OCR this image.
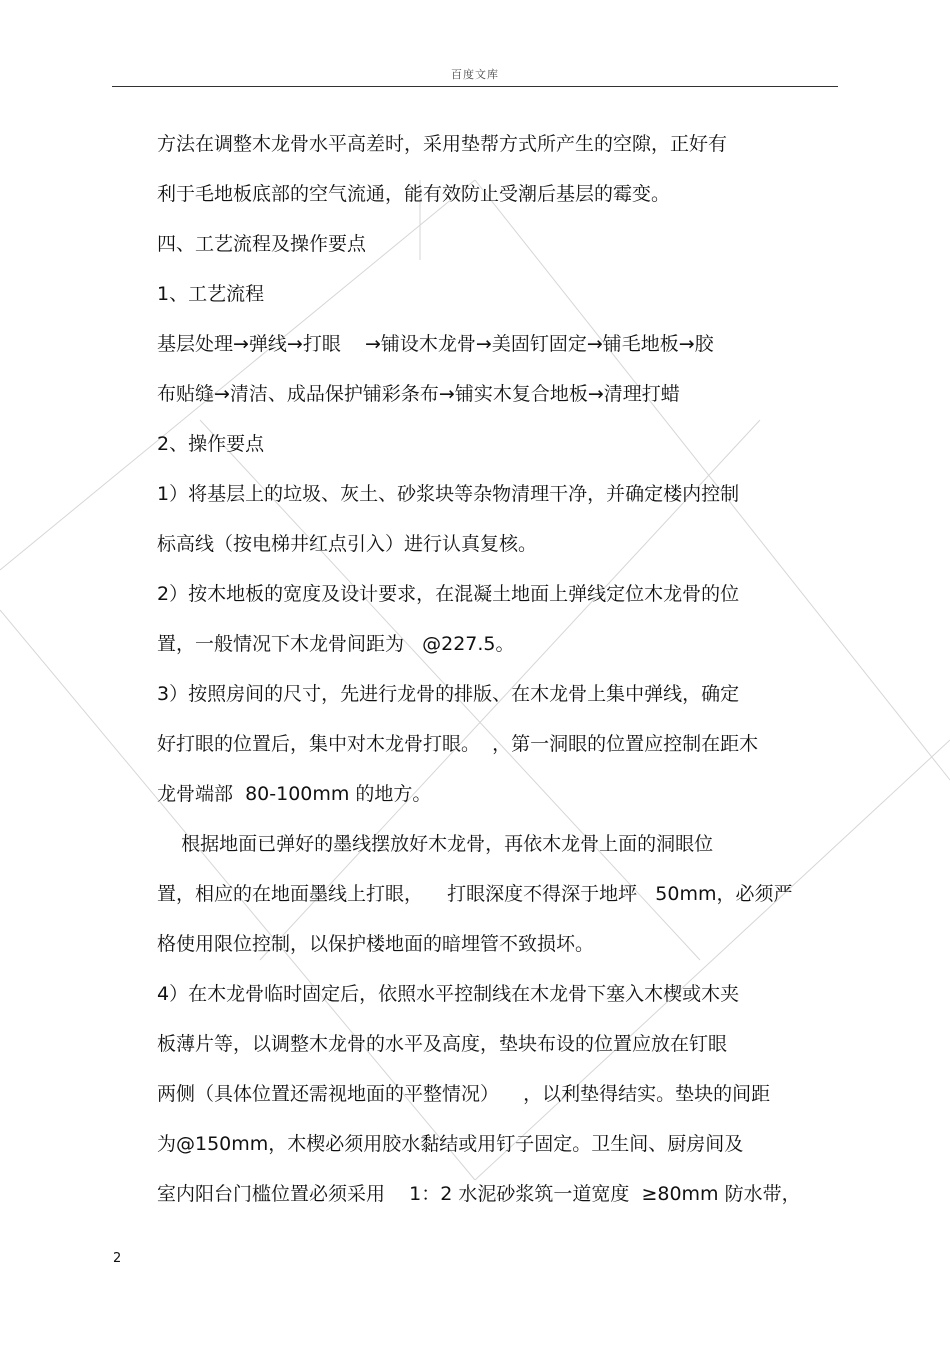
百度文库
方法在调整木龙骨水平高差时，采用垫帮方式所产生的空隙，正好有
利于毛地板底部的空气流通，能有效防止受潮后基层的霉变。
四、工艺流程及操作要点
1、工艺流程
基层处理→弹线→打眼    →铺设木龙骨→美固钉固定→铺毛地板→胶
布贴缝→清洁、成品保护铺彩条布→铺实木复合地板→清理打蜡
2、操作要点
1）将基层上的垃圾、灰土、砂浆块等杂物清理干净，并确定楼内控制
标高线（按电梯井红点引入）进行认真复核。
2）按木地板的宽度及设计要求，在混凝土地面上弹线定位木龙骨的位
置，一般情况下木龙骨间距为   @227.5。
3）按照房间的尺寸，先进行龙骨的排版、在木龙骨上集中弹线，确定
好打眼的位置后，集中对木龙骨打眼。  ，第一洞眼的位置应控制在距木
龙骨端部  80-100mm 的地方。
根据地面已弹好的墨线摆放好木龙骨，再依木龙骨上面的洞眼位
置，相应的在地面墨线上打眼，    打眼深度不得深于地坪   50mm，必须严
格使用限位控制，以保护楼地面的暗埋管不致损坏。
4）在木龙骨临时固定后，依照水平控制线在木龙骨下塞入木楔或木夹
板薄片等，以调整木龙骨的水平及高度，垫块布设的位置应放在钉眼
两侧（具体位置还需视地面的平整情况）    ，以利垫得结实。垫块的间距
为@150mm，木楔必须用胶水黏结或用钉子固定。卫生间、厨房间及
室内阳台门槛位置必须采用    1：2 水泥砂浆筑一道宽度  ≥80mm 防水带，
2
